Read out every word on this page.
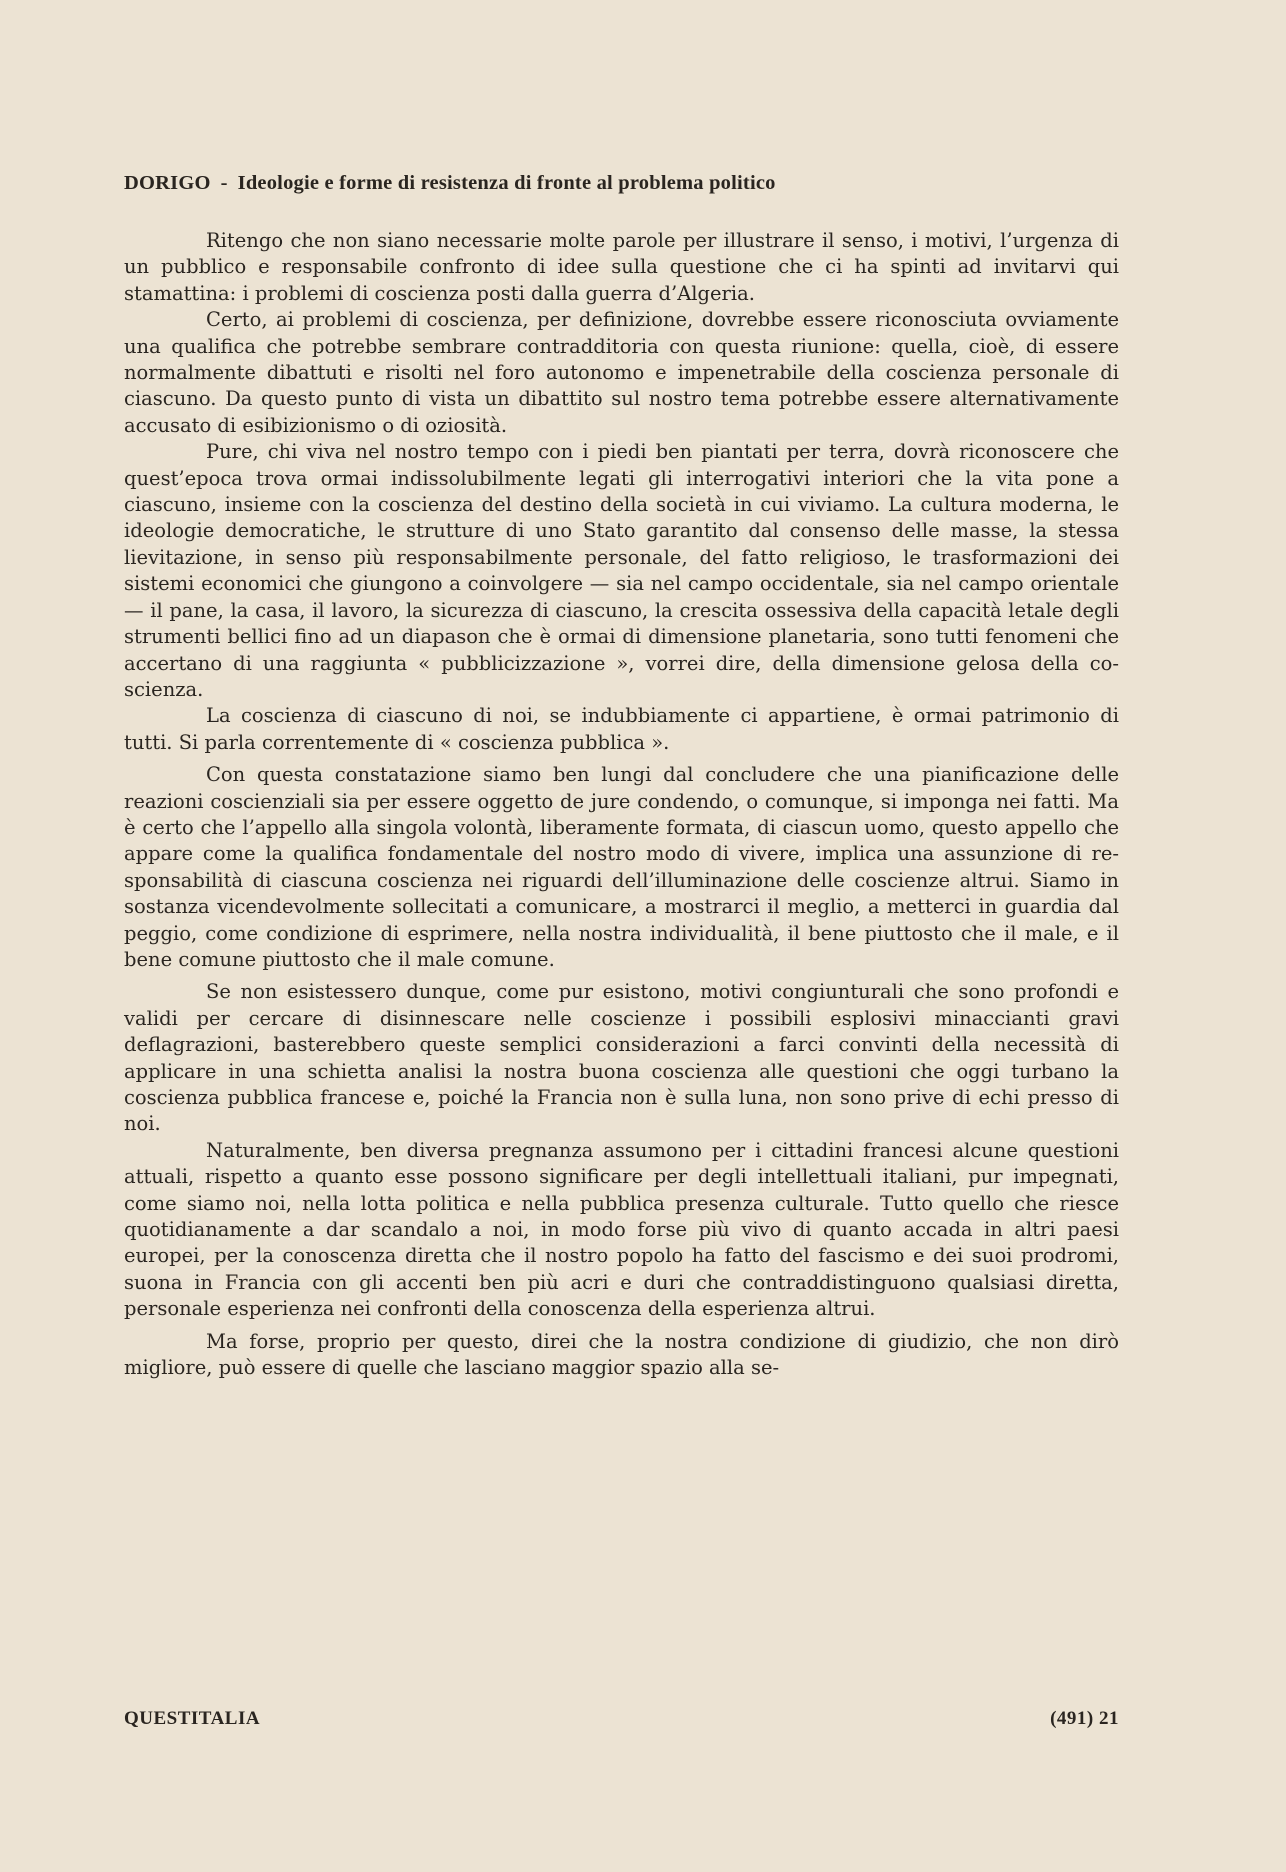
DORIGO - Ideologie e forme di resistenza di fronte al problema politico

Ritengo che non siano necessarie molte parole per illustrare il senso, i motivi, l’urgenza di un pubblico e responsabile confronto di idee sulla questione che ci ha spinti ad invitarvi qui stamattina: i problemi di coscienza posti dalla guerra d’Algeria.

Certo, ai problemi di coscienza, per definizione, dovrebbe essere riconosciuta ovviamente una qualifica che potrebbe sembrare contradditoria con questa riunione: quella, cioè, di essere normalmente dibattuti e risolti nel foro autonomo e impenetrabile della coscienza personale di ciascuno. Da questo punto di vista un dibattito sul nostro tema potrebbe essere alternativamente accusato di esibizionismo o di oziosità.

Pure, chi viva nel nostro tempo con i piedi ben piantati per terra, dovrà riconoscere che quest’epoca trova ormai indissolubilmente legati gli interrogativi interiori che la vita pone a ciascuno, insieme con la coscienza del destino della società in cui viviamo. La cultura moderna, le ideologie democratiche, le strutture di uno Stato garantito dal consenso delle masse, la stessa lievitazione, in senso più responsabilmente personale, del fatto religioso, le trasformazioni dei sistemi economici che giungono a coinvolgere — sia nel campo occidentale, sia nel campo orientale — il pane, la casa, il lavoro, la sicurezza di ciascuno, la crescita ossessiva della capacità letale degli strumenti bellici fino ad un diapason che è ormai di dimensione planetaria, sono tutti fenomeni che accertano di una raggiunta « pubblicizzazione », vorrei dire, della dimensione gelosa della coscienza.

La coscienza di ciascuno di noi, se indubbiamente ci appartiene, è ormai patrimonio di tutti. Si parla correntemente di « coscienza pubblica ».

Con questa constatazione siamo ben lungi dal concludere che una pianificazione delle reazioni coscienziali sia per essere oggetto de jure condendo, o comunque, si imponga nei fatti. Ma è certo che l’appello alla singola volontà, liberamente formata, di ciascun uomo, questo appello che appare come la qualifica fondamentale del nostro modo di vivere, implica una assunzione di responsabilità di ciascuna coscienza nei riguardi dell’illuminazione delle coscienze altrui. Siamo in sostanza vicendevolmente sollecitati a comunicare, a mostrarci il meglio, a metterci in guardia dal peggio, come condizione di esprimere, nella nostra individualità, il bene piuttosto che il male, e il bene comune piuttosto che il male comune.

Se non esistessero dunque, come pur esistono, motivi congiunturali che sono profondi e validi per cercare di disinnescare nelle coscienze i possibili esplosivi minaccianti gravi deflagrazioni, basterebbero queste semplici considerazioni a farci convinti della necessità di applicare in una schietta analisi la nostra buona coscienza alle questioni che oggi turbano la coscienza pubblica francese e, poiché la Francia non è sulla luna, non sono prive di echi presso di noi.

Naturalmente, ben diversa pregnanza assumono per i cittadini francesi alcune questioni attuali, rispetto a quanto esse possono significare per degli intellettuali italiani, pur impegnati, come siamo noi, nella lotta politica e nella pubblica presenza culturale. Tutto quello che riesce quotidianamente a dar scandalo a noi, in modo forse più vivo di quanto accada in altri paesi europei, per la conoscenza diretta che il nostro popolo ha fatto del fascismo e dei suoi prodromi, suona in Francia con gli accenti ben più acri e duri che contraddistinguono qualsiasi diretta, personale esperienza nei confronti della conoscenza della esperienza altrui.

Ma forse, proprio per questo, direi che la nostra condizione di giudizio, che non dirò migliore, può essere di quelle che lasciano maggior spazio alla se-

QUESTITALIA	(491) 21
